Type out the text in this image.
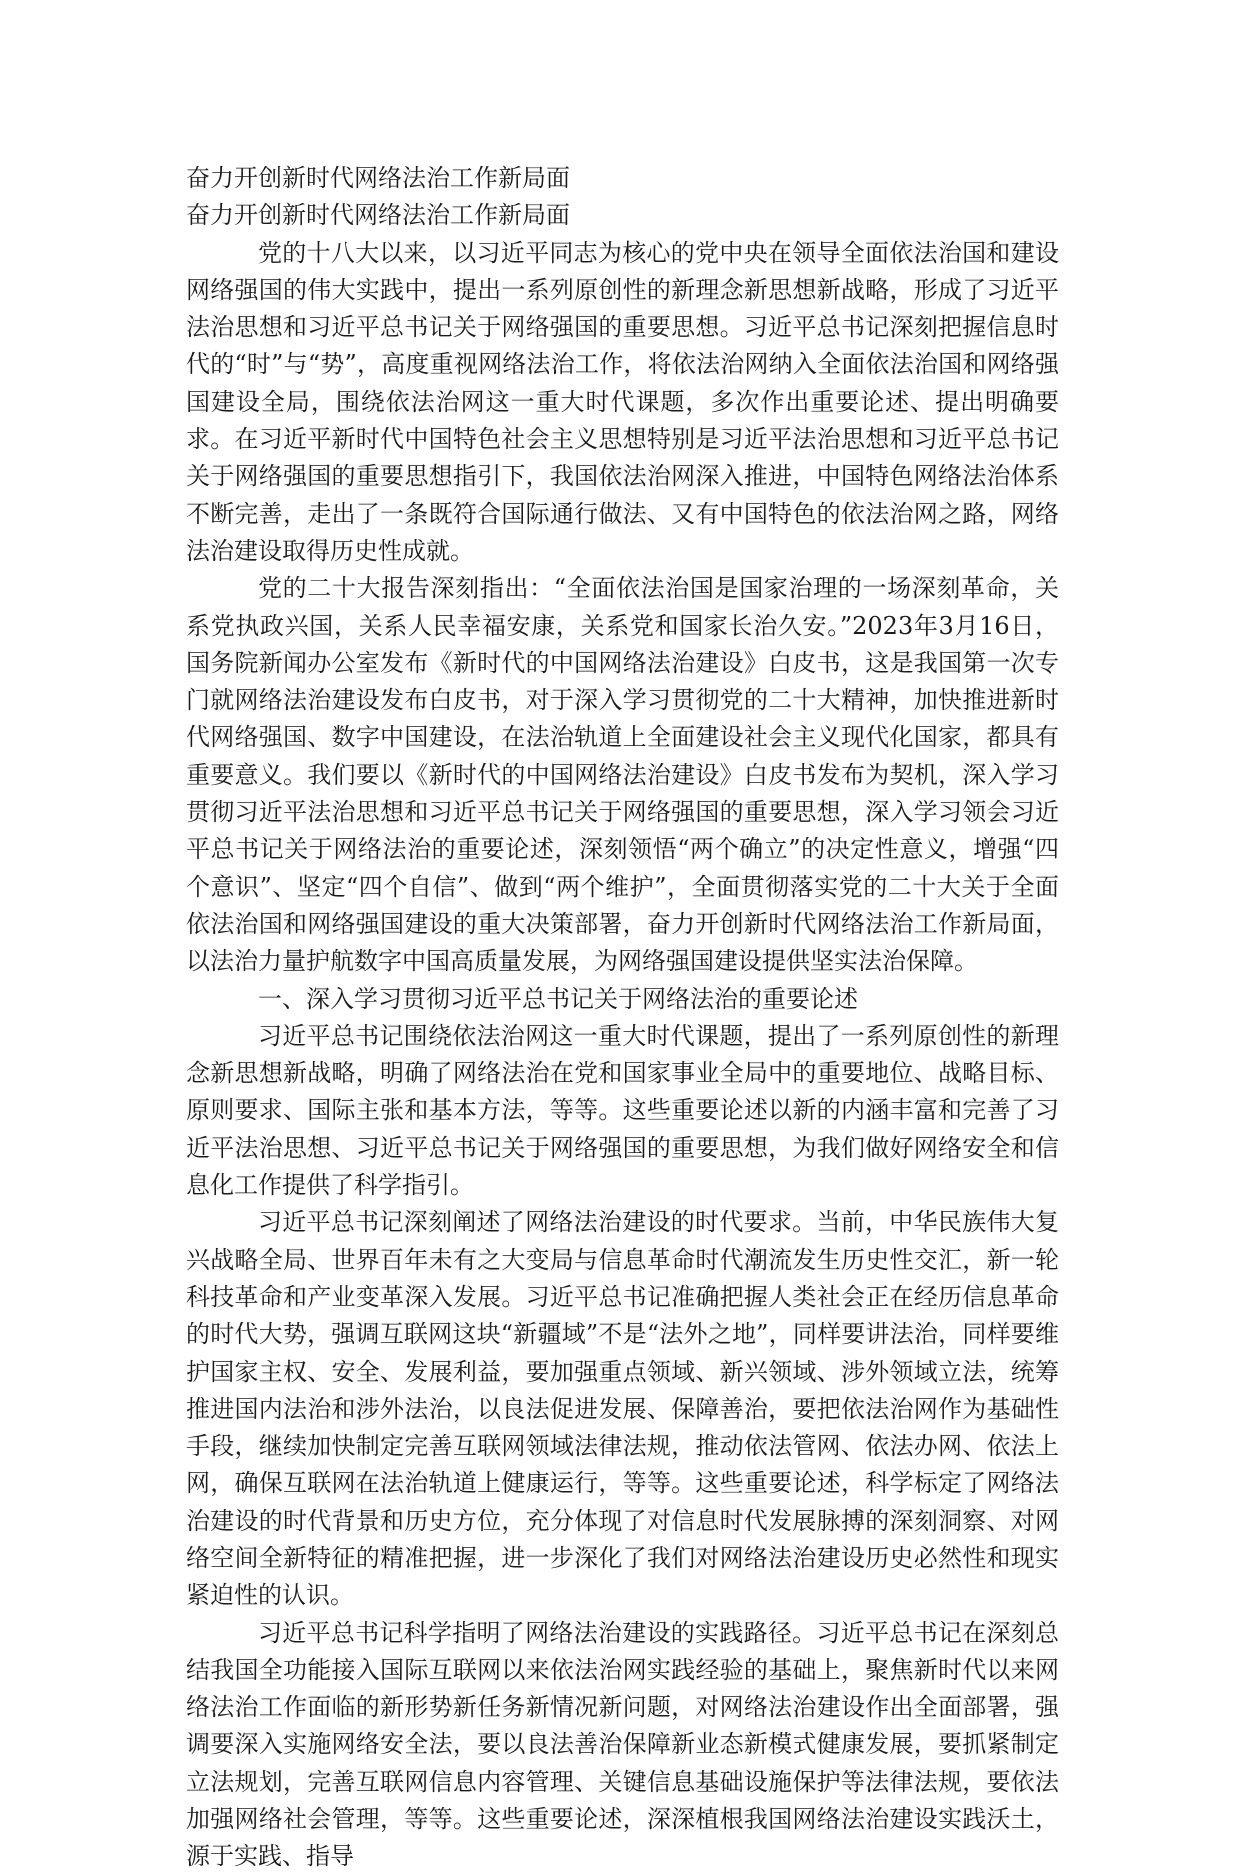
奋力开创新时代网络法治工作新局面
奋力开创新时代网络法治工作新局面

党的十八大以来，以习近平同志为核心的党中央在领导全面依法治国和建设网络强国的伟大实践中，提出一系列原创性的新理念新思想新战略，形成了习近平法治思想和习近平总书记关于网络强国的重要思想。习近平总书记深刻把握信息时代的“时”与“势”，高度重视网络法治工作，将依法治网纳入全面依法治国和网络强国建设全局，围绕依法治网这一重大时代课题，多次作出重要论述、提出明确要求。在习近平新时代中国特色社会主义思想特别是习近平法治思想和习近平总书记关于网络强国的重要思想指引下，我国依法治网深入推进，中国特色网络法治体系不断完善，走出了一条既符合国际通行做法、又有中国特色的依法治网之路，网络法治建设取得历史性成就。

党的二十大报告深刻指出：“全面依法治国是国家治理的一场深刻革命，关系党执政兴国，关系人民幸福安康，关系党和国家长治久安。”2023年3月16日，国务院新闻办公室发布《新时代的中国网络法治建设》白皮书，这是我国第一次专门就网络法治建设发布白皮书，对于深入学习贯彻党的二十大精神，加快推进新时代网络强国、数字中国建设，在法治轨道上全面建设社会主义现代化国家，都具有重要意义。我们要以《新时代的中国网络法治建设》白皮书发布为契机，深入学习贯彻习近平法治思想和习近平总书记关于网络强国的重要思想，深入学习领会习近平总书记关于网络法治的重要论述，深刻领悟“两个确立”的决定性意义，增强“四个意识”、坚定“四个自信”、做到“两个维护”，全面贯彻落实党的二十大关于全面依法治国和网络强国建设的重大决策部署，奋力开创新时代网络法治工作新局面，以法治力量护航数字中国高质量发展，为网络强国建设提供坚实法治保障。

一、深入学习贯彻习近平总书记关于网络法治的重要论述

习近平总书记围绕依法治网这一重大时代课题，提出了一系列原创性的新理念新思想新战略，明确了网络法治在党和国家事业全局中的重要地位、战略目标、原则要求、国际主张和基本方法，等等。这些重要论述以新的内涵丰富和完善了习近平法治思想、习近平总书记关于网络强国的重要思想，为我们做好网络安全和信息化工作提供了科学指引。

习近平总书记深刻阐述了网络法治建设的时代要求。当前，中华民族伟大复兴战略全局、世界百年未有之大变局与信息革命时代潮流发生历史性交汇，新一轮科技革命和产业变革深入发展。习近平总书记准确把握人类社会正在经历信息革命的时代大势，强调互联网这块“新疆域”不是“法外之地”，同样要讲法治，同样要维护国家主权、安全、发展利益，要加强重点领域、新兴领域、涉外领域立法，统筹推进国内法治和涉外法治，以良法促进发展、保障善治，要把依法治网作为基础性手段，继续加快制定完善互联网领域法律法规，推动依法管网、依法办网、依法上网，确保互联网在法治轨道上健康运行，等等。这些重要论述，科学标定了网络法治建设的时代背景和历史方位，充分体现了对信息时代发展脉搏的深刻洞察、对网络空间全新特征的精准把握，进一步深化了我们对网络法治建设历史必然性和现实紧迫性的认识。

习近平总书记科学指明了网络法治建设的实践路径。习近平总书记在深刻总结我国全功能接入国际互联网以来依法治网实践经验的基础上，聚焦新时代以来网络法治工作面临的新形势新任务新情况新问题，对网络法治建设作出全面部署，强调要深入实施网络安全法，要以良法善治保障新业态新模式健康发展，要抓紧制定立法规划，完善互联网信息内容管理、关键信息基础设施保护等法律法规，要依法加强网络社会管理，等等。这些重要论述，深深植根我国网络法治建设实践沃土，源于实践、指导
